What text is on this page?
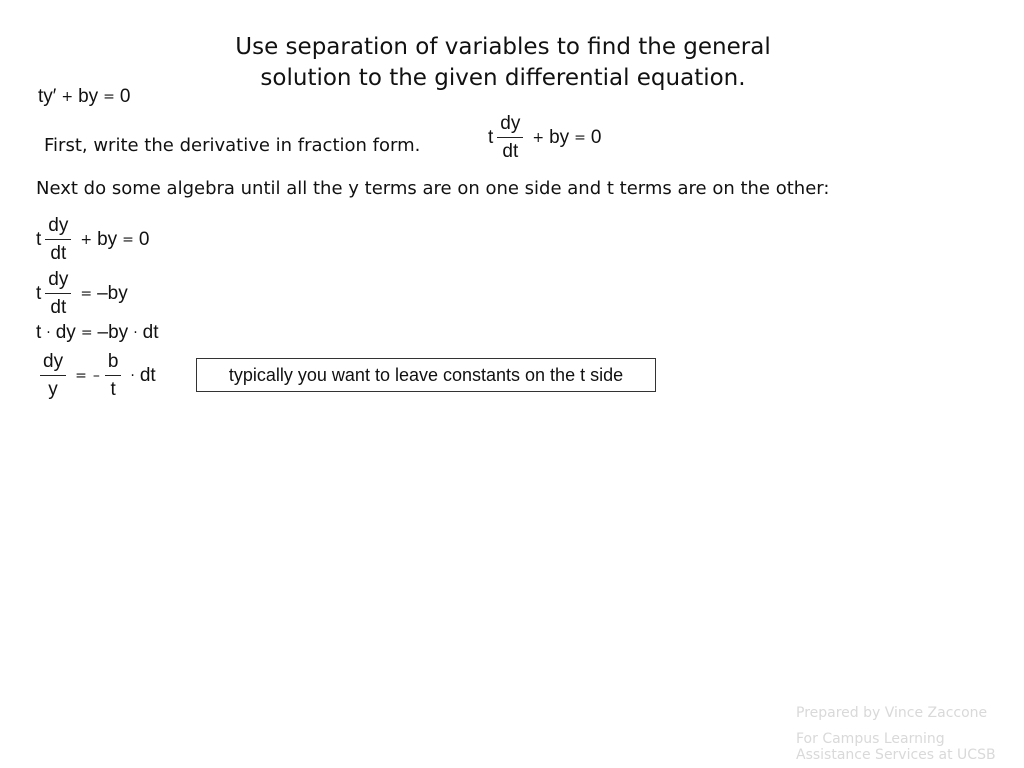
Use separation of variables to find the general
solution to the given differential equation.
ty′ + by = 0
First, write the derivative in fraction form.	t $\frac{dy}{dt}$ + by = 0
Next do some algebra until all the y terms are on one side and t terms are on the other:
t $\frac{dy}{dt}$ + by = 0
t $\frac{dy}{dt} = -by$
t · dy = –by · dt
$\frac{dy}{y}$ = – $\frac{b}{t}$ · dt	typically you want to leave constants on the t side
Prepared by Vince Zaccone
For Campus Learning
Assistance Services at UCSB
